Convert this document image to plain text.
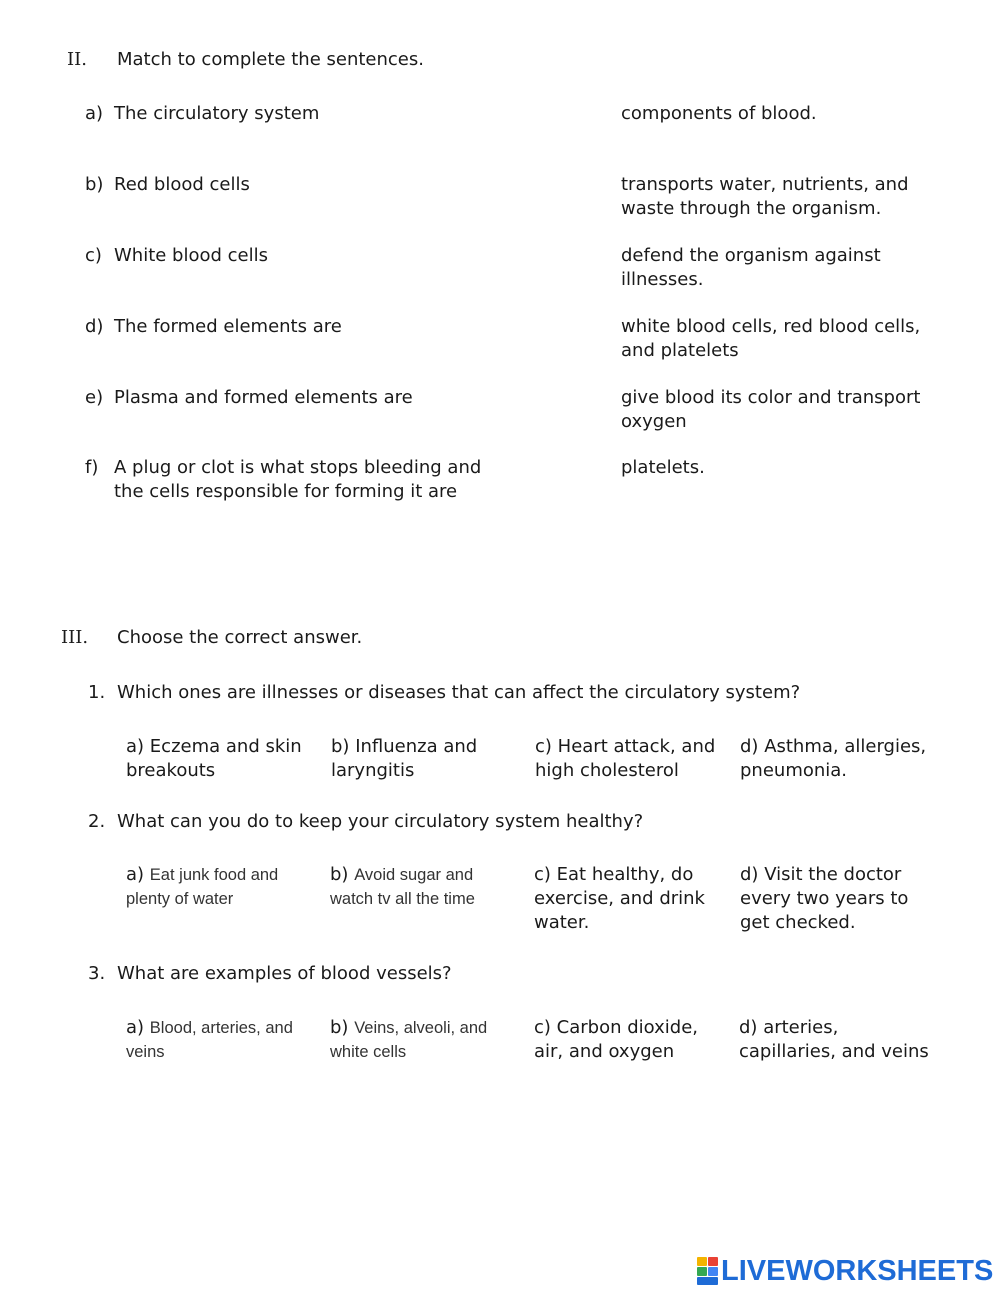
II. Match to complete the sentences.
a) The circulatory system
b) Red blood cells
c) White blood cells
d) The formed elements are
e) Plasma and formed elements are
f) A plug or clot is what stops bleeding and
the cells responsible for forming it are
components of blood.
transports water, nutrients, and
waste through the organism.
defend the organism against
illnesses.
white blood cells, red blood cells,
and platelets
give blood its color and transport
oxygen
platelets.
III. Choose the correct answer.
1. Which ones are illnesses or diseases that can affect the circulatory system?
a) Eczema and skin
breakouts
b) Influenza and
laryngitis
c) Heart attack, and
high cholesterol
d) Asthma, allergies,
pneumonia.
2. What can you do to keep your circulatory system healthy?
a) Eat junk food and
plenty of water
b) Avoid sugar and
watch tv all the time
c) Eat healthy, do
exercise, and drink
water.
d) Visit the doctor
every two years to
get checked.
3. What are examples of blood vessels?
a) Blood, arteries, and
veins
b) Veins, alveoli, and
white cells
c) Carbon dioxide,
air, and oxygen
d) arteries,
capillaries, and veins
LIVEWORKSHEETS
